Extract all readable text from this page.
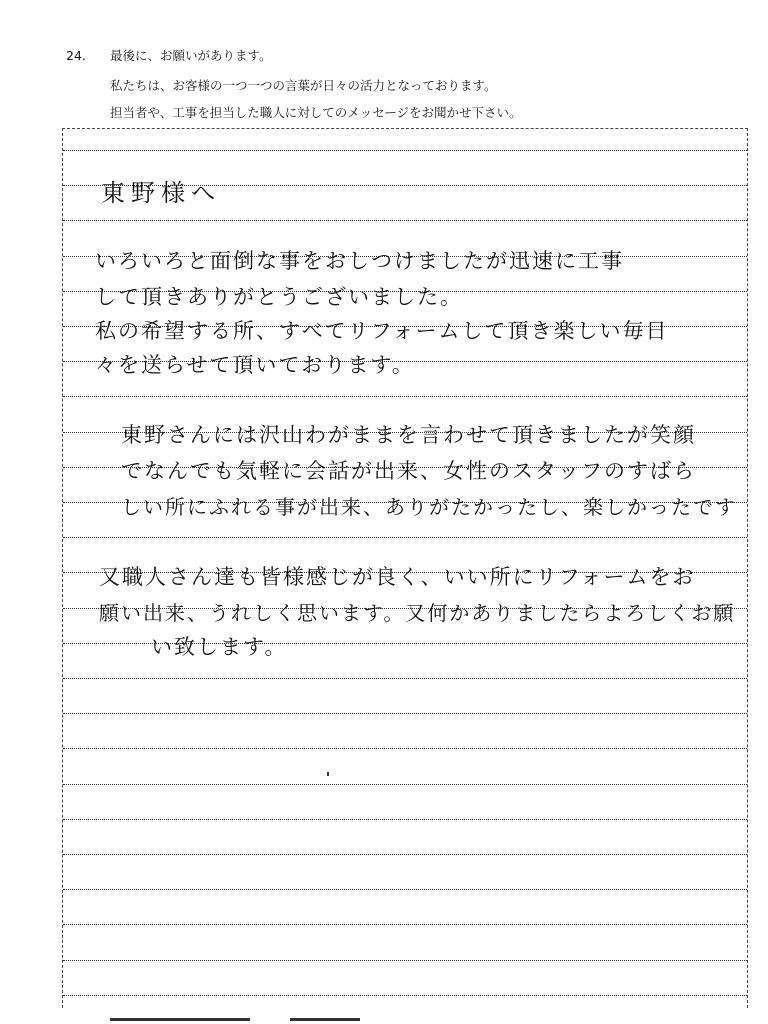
24. 最後に、お願いがあります。
私たちは、お客様の一つ一つの言葉が日々の活力となっております。
担当者や、工事を担当した職人に対してのメッセージをお聞かせ下さい。
東野様へ
いろいろと面倒な事をおしつけましたが迅速に工事
して頂きありがとうございました。
私の希望する所、すべてリフォームして頂き楽しい毎日
々を送らせて頂いております。
東野さんには沢山わがままを言わせて頂きましたが笑顔
でなんでも気軽に会話が出来、女性のスタッフのすばら
しい所にふれる事が出来、ありがたかったし、楽しかったです
又職人さん達も皆様感じが良く、いい所にリフォームをお
願い出来、うれしく思います。又何かありましたらよろしくお願
い致します。
